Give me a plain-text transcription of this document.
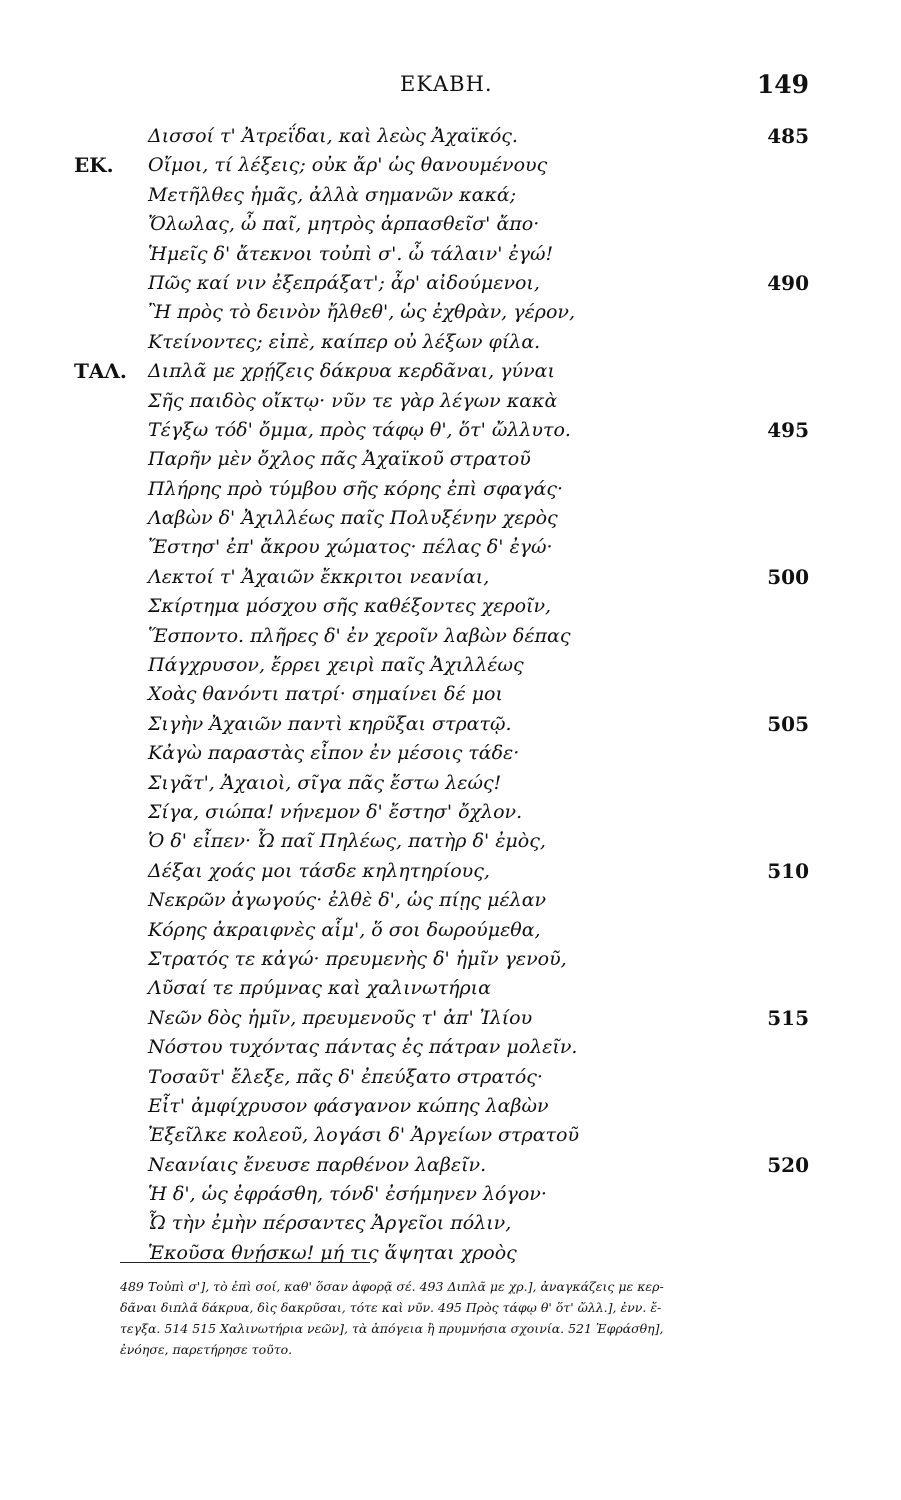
ΕΚΑΒΗ.	149
Δισσοί τ' Ἀτρεΐδαι, καὶ λεὼς Ἀχαϊκός.	485
ΕΚ. Οἴμοι, τί λέξεις; οὐκ ἄρ' ὡς θανουμένους
Μετῆλθες ἡμᾶς, ἀλλὰ σημανῶν κακά;
Ὄλωλας, ὦ παῖ, μητρὸς ἁρπασθεῖσ' ἄπο·
Ἡμεῖς δ' ἄτεκνοι τοὐπὶ σ'. ὦ τάλαιν' ἐγώ!
Πῶς καί νιν ἐξεπράξατ'; ἆρ' αἰδούμενοι,	490
Ἢ πρὸς τὸ δεινὸν ἤλθεθ', ὡς ἐχθρὰν, γέρον,
Κτείνοντες; εἰπὲ, καίπερ οὐ λέξων φίλα.
ΤΑΛ. Διπλᾶ με χρῄζεις δάκρυα κερδᾶναι, γύναι
Σῆς παιδὸς οἴκτῳ· νῦν τε γὰρ λέγων κακὰ
Τέγξω τόδ' ὄμμα, πρὸς τάφῳ θ', ὅτ' ὤλλυτο.	495
Παρῆν μὲν ὄχλος πᾶς Ἀχαϊκοῦ στρατοῦ
Πλήρης πρὸ τύμβου σῆς κόρης ἐπὶ σφαγάς·
Λαβὼν δ' Ἀχιλλέως παῖς Πολυξένην χερὸς
Ἔστησ' ἐπ' ἄκρου χώματος· πέλας δ' ἐγώ·
Λεκτοί τ' Ἀχαιῶν ἔκκριτοι νεανίαι,	500
Σκίρτημα μόσχου σῆς καθέξοντες χεροῖν,
Ἕσποντο. πλῆρες δ' ἐν χεροῖν λαβὼν δέπας
Πάγχρυσον, ἔρρει χειρὶ παῖς Ἀχιλλέως
Χοὰς θανόντι πατρί· σημαίνει δέ μοι
Σιγὴν Ἀχαιῶν παντὶ κηρῦξαι στρατῷ.	505
Κἀγὼ παραστὰς εἶπον ἐν μέσοις τάδε·
Σιγᾶτ', Ἀχαιοὶ, σῖγα πᾶς ἔστω λεώς!
Σίγα, σιώπα! νήνεμον δ' ἔστησ' ὄχλον.
Ὁ δ' εἶπεν· Ὦ παῖ Πηλέως, πατὴρ δ' ἐμὸς,
Δέξαι χοάς μοι τάσδε κηλητηρίους,	510
Νεκρῶν ἀγωγούς· ἐλθὲ δ', ὡς πίῃς μέλαν
Κόρης ἀκραιφνὲς αἷμ', ὅ σοι δωρούμεθα,
Στρατός τε κἀγώ· πρευμενὴς δ' ἡμῖν γενοῦ,
Λῦσαί τε πρύμνας καὶ χαλινωτήρια
Νεῶν δὸς ἡμῖν, πρευμενοῦς τ' ἀπ' Ἰλίου	515
Νόστου τυχόντας πάντας ἐς πάτραν μολεῖν.
Τοσαῦτ' ἔλεξε, πᾶς δ' ἐπεύξατο στρατός·
Εἶτ' ἀμφίχρυσον φάσγανον κώπης λαβὼν
Ἐξεῖλκε κολεοῦ, λογάσι δ' Ἀργείων στρατοῦ
Νεανίαις ἔνευσε παρθένον λαβεῖν.	520
Ἡ δ', ὡς ἐφράσθη, τόνδ' ἐσήμηνεν λόγον·
Ὦ τὴν ἐμὴν πέρσαντες Ἀργεῖοι πόλιν,
Ἑκοῦσα θνῄσκω! μή τις ἅψηται χροὸς
489 Τοὐπὶ σ'], τὸ ἐπὶ σοί, καθ' ὅσαν ἀφορᾷ σέ. 493 Διπλᾶ με χρ.], ἀναγκάζεις με κερ-
δᾶναι διπλᾶ δάκρυα, δὶς δακρῦσαι, τότε καὶ νῦν. 495 Πρὸς τάφῳ θ' ὅτ' ὤλλ.], ἐνν. ἔ-
τεγξα. 514 515 Χαλινωτήρια νεῶν], τὰ ἀπόγεια ἢ πρυμνήσια σχοινία. 521 Ἐφράσθη],
ἐνόησε, παρετήρησε τοῦτο.
